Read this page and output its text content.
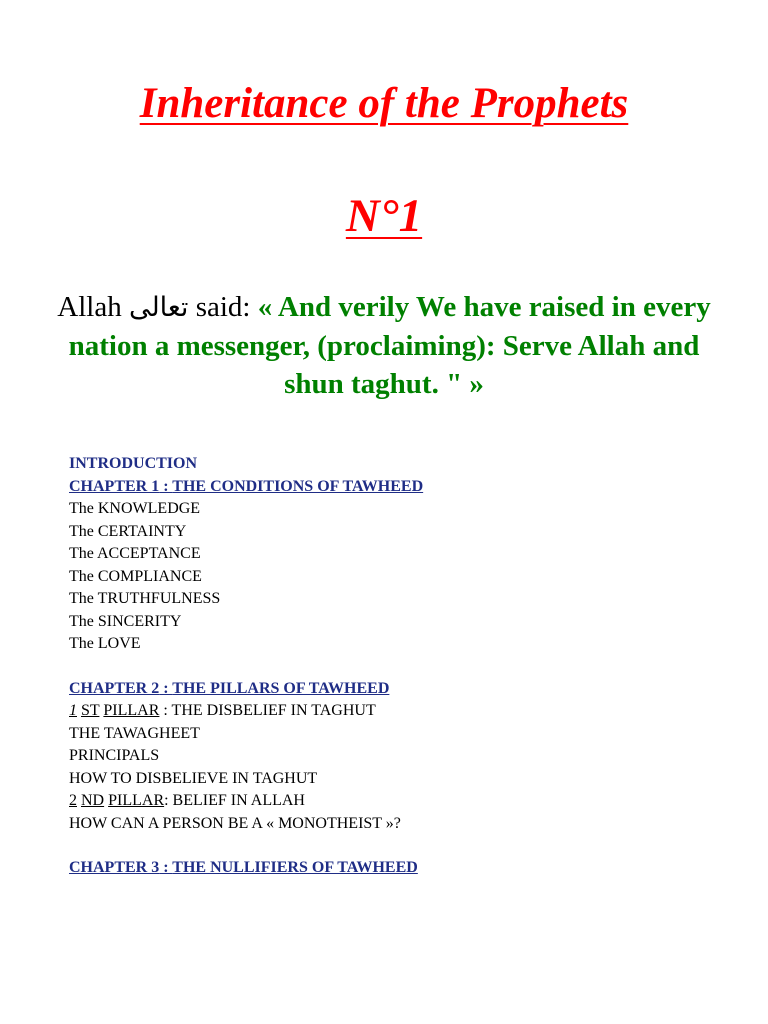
Inheritance of the Prophets
N°1
Allah تعالى said: « And verily We have raised in every nation a messenger, (proclaiming): Serve Allah and shun taghut. " »
INTRODUCTION
CHAPTER 1 : THE CONDITIONS OF TAWHEED
The KNOWLEDGE
The CERTAINTY
The ACCEPTANCE
The COMPLIANCE
The TRUTHFULNESS
The SINCERITY
The LOVE
CHAPTER 2 : THE PILLARS OF TAWHEED
1 ST PILLAR : THE DISBELIEF IN TAGHUT
THE TAWAGHEET
PRINCIPALS
HOW TO DISBELIEVE IN TAGHUT
2 ND PILLAR: BELIEF IN ALLAH
HOW CAN A PERSON BE A « MONOTHEIST »?
CHAPTER 3 : THE NULLIFIERS OF TAWHEED
